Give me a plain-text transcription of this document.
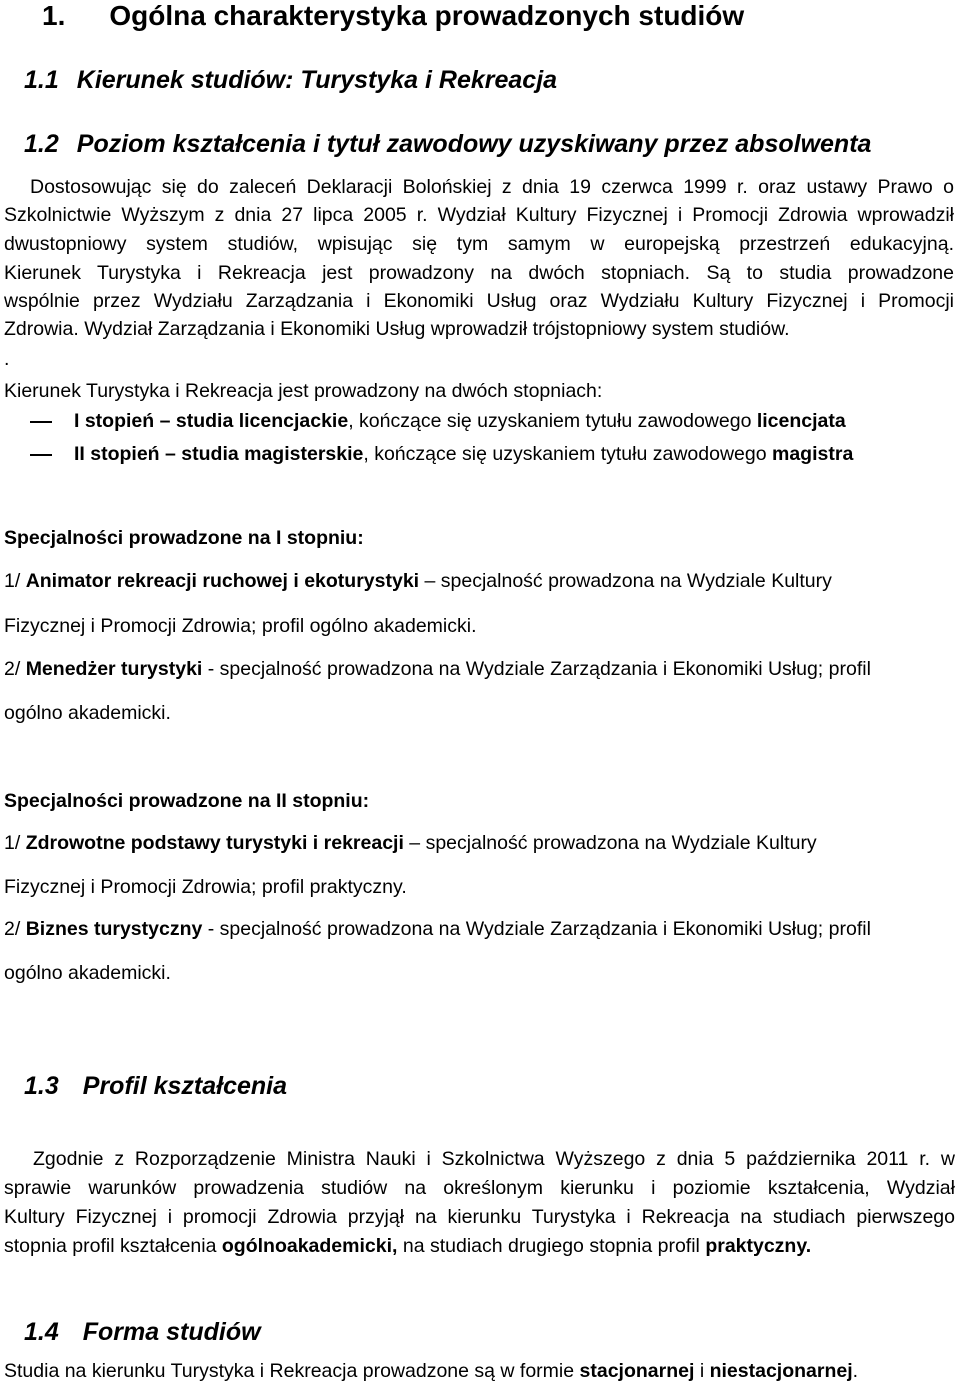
1. Ogólna charakterystyka prowadzonych studiów
1.1 Kierunek studiów: Turystyka i Rekreacja
1.2 Poziom kształcenia i tytuł zawodowy uzyskiwany przez absolwenta
Dostosowując się do zaleceń Deklaracji Bolońskiej z dnia 19 czerwca 1999 r. oraz ustawy Prawo o
Szkolnictwie Wyższym z dnia 27 lipca 2005 r. Wydział Kultury Fizycznej i Promocji Zdrowia wprowadził
dwustopniowy system studiów, wpisując się tym samym w europejską przestrzeń edukacyjną.
Kierunek Turystyka i Rekreacja jest prowadzony na dwóch stopniach. Są to studia prowadzone
wspólnie przez Wydziału Zarządzania i Ekonomiki Usług oraz Wydziału Kultury Fizycznej i Promocji
Zdrowia. Wydział Zarządzania i Ekonomiki Usług wprowadził trójstopniowy system studiów.
.
Kierunek Turystyka i Rekreacja jest prowadzony na dwóch stopniach:
I stopień – studia licencjackie, kończące się uzyskaniem tytułu zawodowego licencjata
II stopień – studia magisterskie, kończące się uzyskaniem tytułu zawodowego magistra
Specjalności prowadzone na I stopniu:
1/ Animator rekreacji ruchowej i ekoturystyki – specjalność prowadzona na Wydziale Kultury
Fizycznej i Promocji Zdrowia; profil ogólno akademicki.
2/ Menedżer turystyki - specjalność prowadzona na Wydziale Zarządzania i Ekonomiki Usług; profil
ogólno akademicki.
Specjalności prowadzone na II stopniu:
1/ Zdrowotne podstawy turystyki i rekreacji – specjalność prowadzona na Wydziale Kultury
Fizycznej i Promocji Zdrowia; profil praktyczny.
2/ Biznes turystyczny - specjalność prowadzona na Wydziale Zarządzania i Ekonomiki Usług; profil
ogólno akademicki.
1.3 Profil kształcenia
Zgodnie z Rozporządzenie Ministra Nauki i Szkolnictwa Wyższego z dnia 5 października 2011 r. w
sprawie warunków prowadzenia studiów na określonym kierunku i poziomie kształcenia, Wydział
Kultury Fizycznej i promocji Zdrowia przyjął na kierunku Turystyka i Rekreacja na studiach pierwszego
stopnia profil kształcenia ogólnoakademicki, na studiach drugiego stopnia profil praktyczny.
1.4 Forma studiów
Studia na kierunku Turystyka i Rekreacja prowadzone są w formie stacjonarnej i niestacjonarnej.
